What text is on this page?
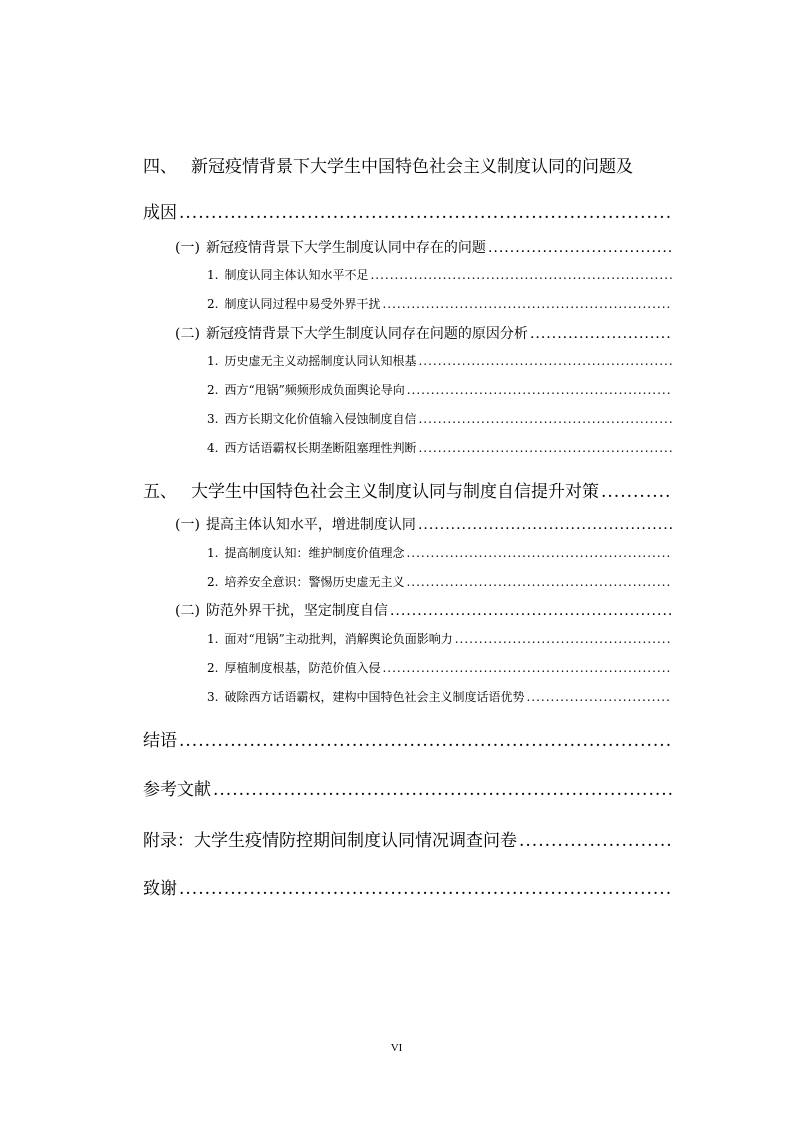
四、 新冠疫情背景下大学生中国特色社会主义制度认同的问题及
成因
.....
(一) 新冠疫情背景下大学生制度认同中存在的问题
.....
1. 制度认同主体认知水平不足
.....
2. 制度认同过程中易受外界干扰
.....
(二) 新冠疫情背景下大学生制度认同存在问题的原因分析
.....
1. 历史虚无主义动摇制度认同认知根基
.....
2. 西方“甩锅”频频形成负面舆论导向
.....
3. 西方长期文化价值输入侵蚀制度自信
.....
4. 西方话语霸权长期垄断阻塞理性判断
.....
五、 大学生中国特色社会主义制度认同与制度自信提升对策
.....
(一) 提高主体认知水平，增进制度认同
.....
1. 提高制度认知：维护制度价值理念
.....
2. 培养安全意识：警惕历史虚无主义
.....
(二) 防范外界干扰，坚定制度自信
.....
1. 面对“甩锅”主动批判，消解舆论负面影响力
.....
2. 厚植制度根基，防范价值入侵
.....
3. 破除西方话语霸权，建构中国特色社会主义制度话语优势
.....
结语
.....
参考文献
.....
附录：大学生疫情防控期间制度认同情况调查问卷
.....
致谢
.....
VI
